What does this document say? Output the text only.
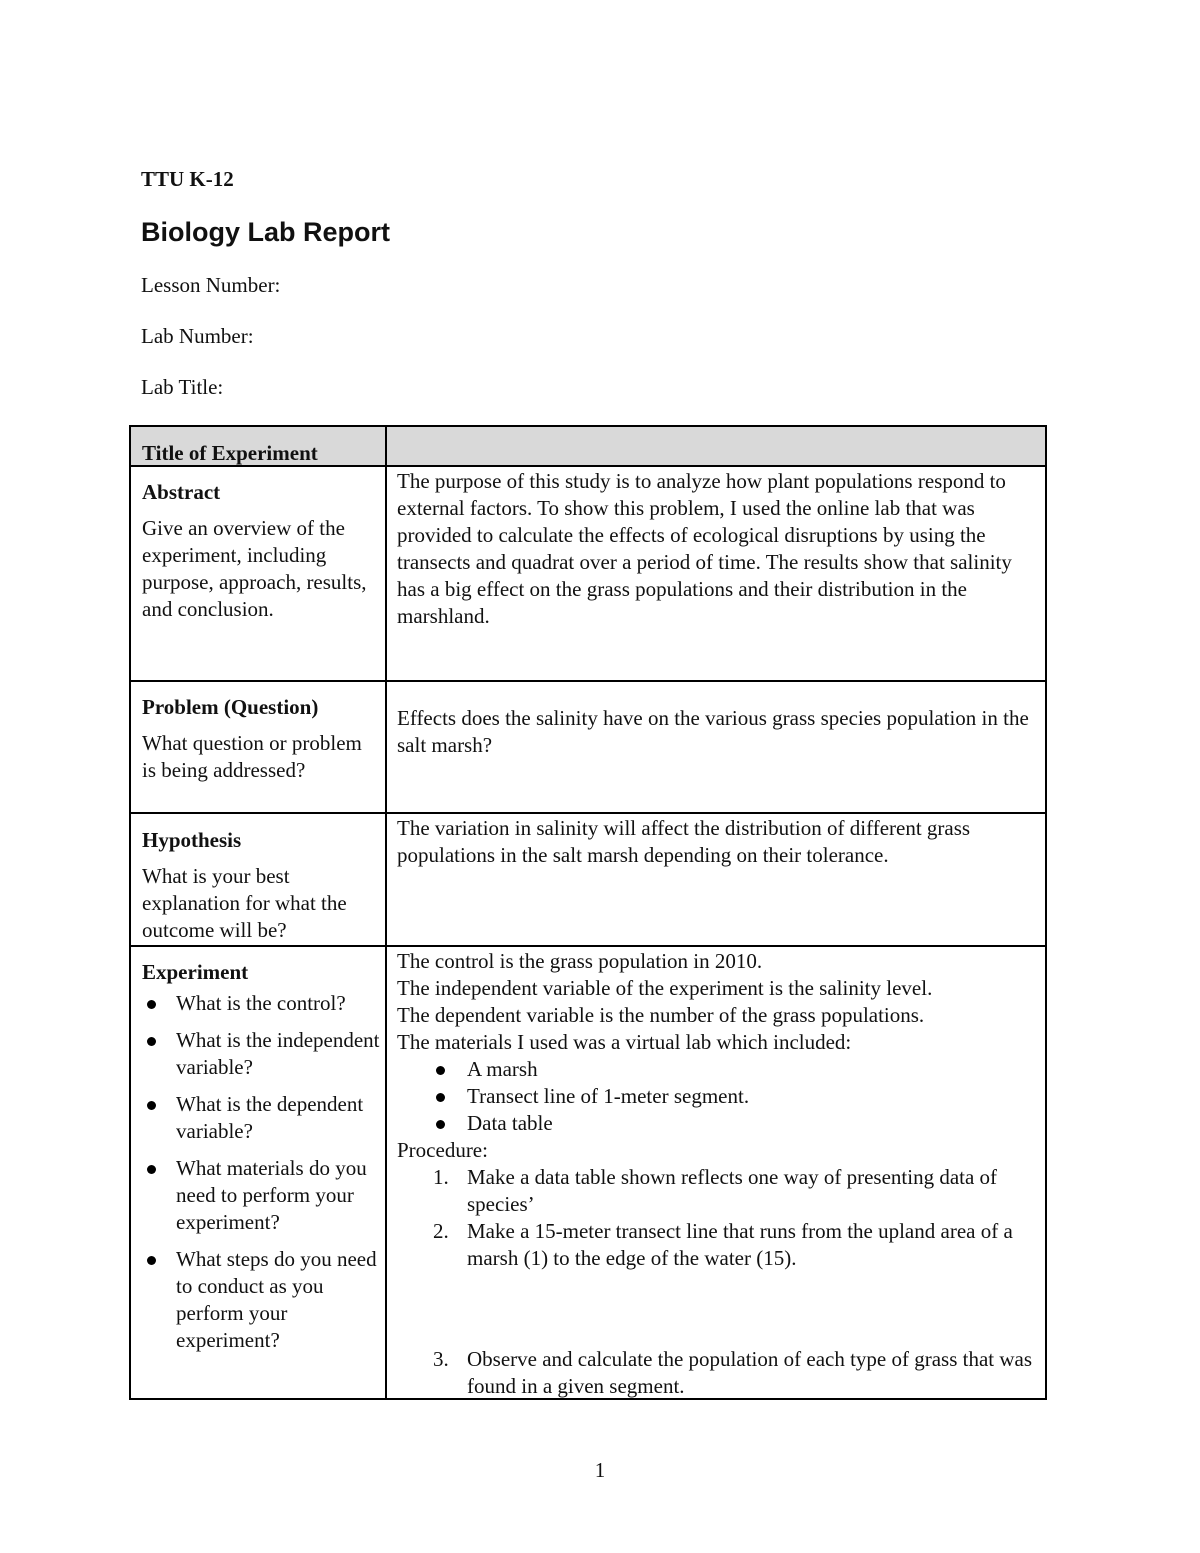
TTU K-12
Biology Lab Report
Lesson Number:
Lab Number:
Lab Title:
Title of Experiment
Abstract
Give an overview of the experiment, including purpose, approach, results, and conclusion.
The purpose of this study is to analyze how plant populations respond to external factors. To show this problem, I used the online lab that was provided to calculate the effects of ecological disruptions by using the transects and quadrat over a period of time. The results show that salinity has a big effect on the grass populations and their distribution in the marshland.
Problem (Question)
What question or problem is being addressed?
Effects does the salinity have on the various grass species population in the salt marsh?
Hypothesis
What is your best explanation for what the outcome will be?
The variation in salinity will affect the distribution of different grass populations in the salt marsh depending on their tolerance.
Experiment
What is the control?
What is the independent variable?
What is the dependent variable?
What materials do you need to perform your experiment?
What steps do you need to conduct as you perform your experiment?
The control is the grass population in 2010.
The independent variable of the experiment is the salinity level.
The dependent variable is the number of the grass populations.
The materials I used was a virtual lab which included:
A marsh
Transect line of 1-meter segment.
Data table
Procedure:
1. Make a data table shown reflects one way of presenting data of species’
2. Make a 15-meter transect line that runs from the upland area of a marsh (1) to the edge of the water (15).
3. Observe and calculate the population of each type of grass that was found in a given segment.
1
